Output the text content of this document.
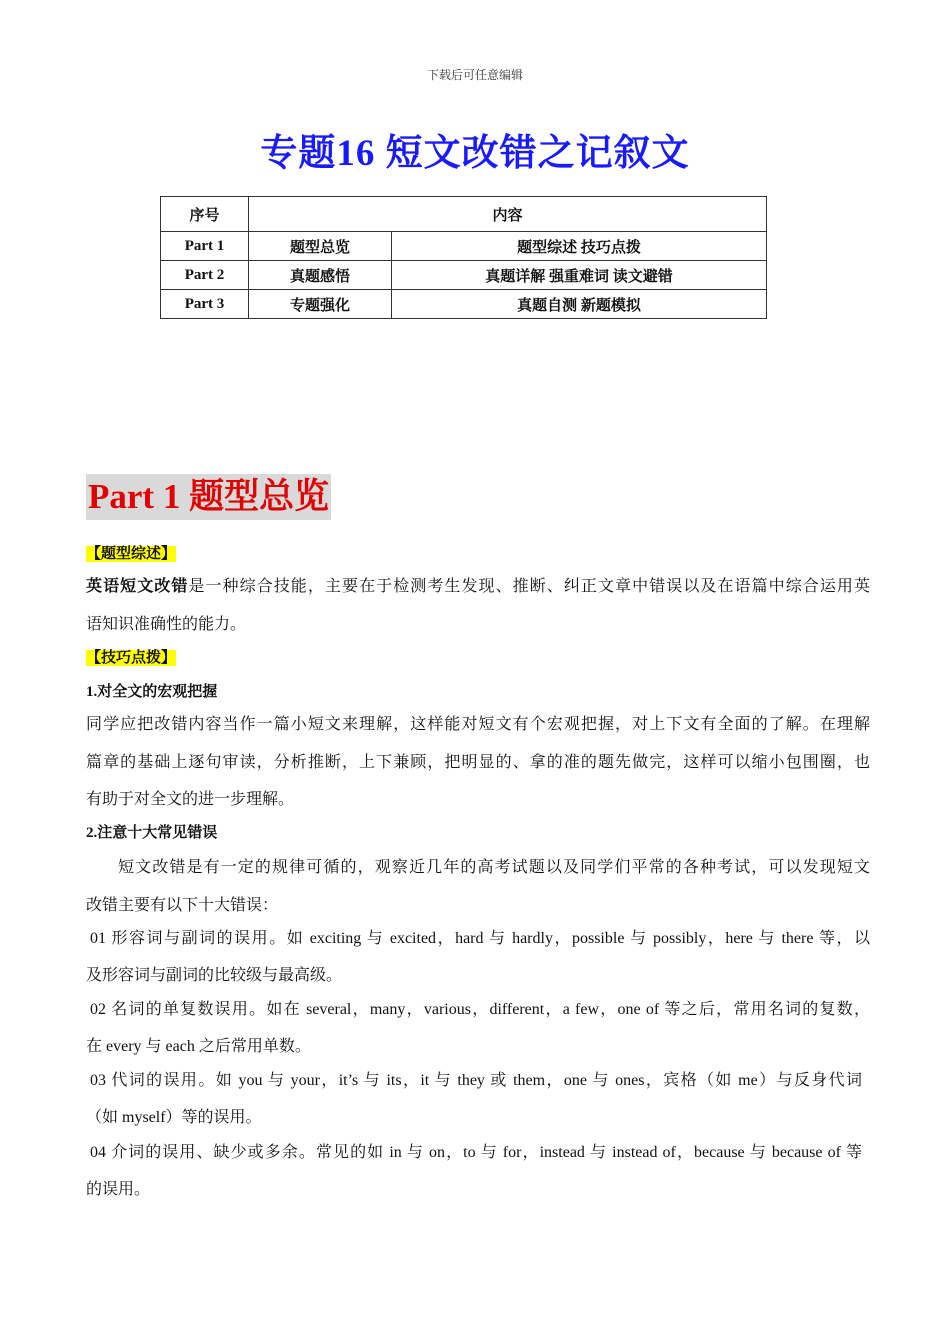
下载后可任意编辑
专题16 短文改错之记叙文
序号	内容	
Part 1	题型总览	题型综述 技巧点拨
Part 2	真题感悟	真题详解 强重难词 读文避错
Part 3	专题强化	真题自测 新题模拟
Part 1 题型总览
【题型综述】
英语短文改错是一种综合技能，主要在于检测考生发现、推断、纠正文章中错误以及在语篇中综合运用英
语知识准确性的能力。
【技巧点拨】
1.对全文的宏观把握
同学应把改错内容当作一篇小短文来理解，这样能对短文有个宏观把握，对上下文有全面的了解。在理解
篇章的基础上逐句审读，分析推断，上下兼顾，把明显的、拿的准的题先做完，这样可以缩小包围圈，也
有助于对全文的进一步理解。
2.注意十大常见错误
短文改错是有一定的规律可循的，观察近几年的高考试题以及同学们平常的各种考试，可以发现短文
改错主要有以下十大错误：
01 形容词与副词的误用。如 exciting 与 excited，hard 与 hardly，possible 与 possibly，here 与 there 等，以
及形容词与副词的比较级与最高级。
02 名词的单复数误用。如在 several，many，various，different，a few，one of 等之后，常用名词的复数，
在 every 与 each 之后常用单数。
03 代词的误用。如 you 与 your，it’s 与 its，it 与 they 或 them，one 与 ones，宾格（如 me）与反身代词
（如 myself）等的误用。
04 介词的误用、缺少或多余。常见的如 in 与 on，to 与 for，instead 与 instead of，because 与 because of 等
的误用。
